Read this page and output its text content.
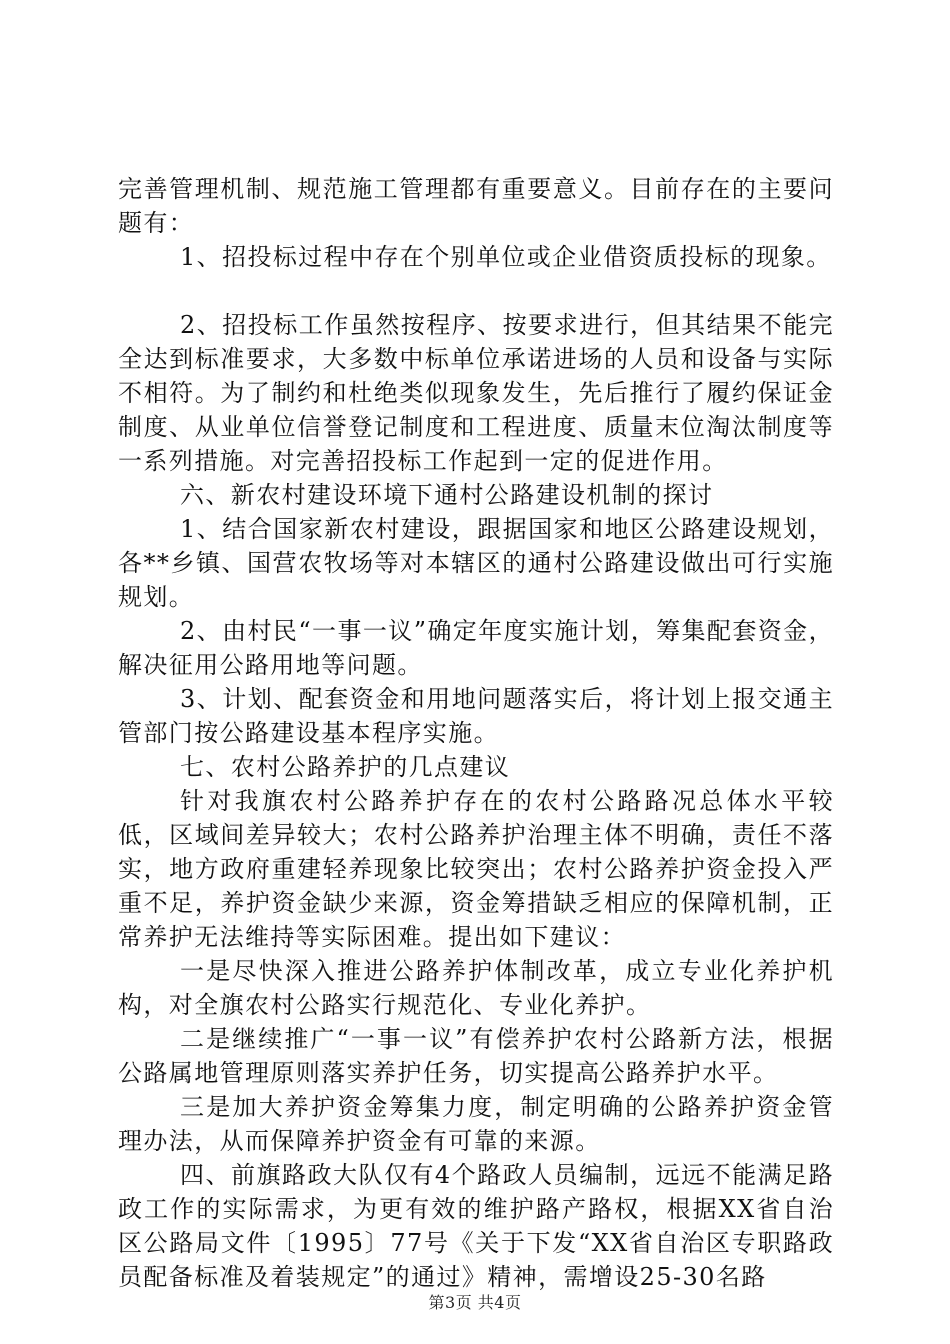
完善管理机制、规范施工管理都有重要意义。目前存在的主要问题有：

1、招投标过程中存在个别单位或企业借资质投标的现象。

2、招投标工作虽然按程序、按要求进行，但其结果不能完全达到标准要求，大多数中标单位承诺进场的人员和设备与实际不相符。为了制约和杜绝类似现象发生，先后推行了履约保证金制度、从业单位信誉登记制度和工程进度、质量末位淘汰制度等一系列措施。对完善招投标工作起到一定的促进作用。

六、新农村建设环境下通村公路建设机制的探讨

1、结合国家新农村建设，跟据国家和地区公路建设规划，各**乡镇、国营农牧场等对本辖区的通村公路建设做出可行实施规划。

2、由村民“一事一议”确定年度实施计划，筹集配套资金，解决征用公路用地等问题。

3、计划、配套资金和用地问题落实后，将计划上报交通主管部门按公路建设基本程序实施。

七、农村公路养护的几点建议

针对我旗农村公路养护存在的农村公路路况总体水平较低，区域间差异较大；农村公路养护治理主体不明确，责任不落实，地方政府重建轻养现象比较突出；农村公路养护资金投入严重不足，养护资金缺少来源，资金筹措缺乏相应的保障机制，正常养护无法维持等实际困难。提出如下建议：

一是尽快深入推进公路养护体制改革，成立专业化养护机构，对全旗农村公路实行规范化、专业化养护。

二是继续推广“一事一议”有偿养护农村公路新方法，根据公路属地管理原则落实养护任务，切实提高公路养护水平。

三是加大养护资金筹集力度，制定明确的公路养护资金管理办法，从而保障养护资金有可靠的来源。

四、前旗路政大队仅有4个路政人员编制，远远不能满足路政工作的实际需求，为更有效的维护路产路权，根据XX省自治区公路局文件〔1995〕77号《关于下发“XX省自治区专职路政员配备标准及着装规定”的通过》精神，需增设25-30名路

第3页 共4页
